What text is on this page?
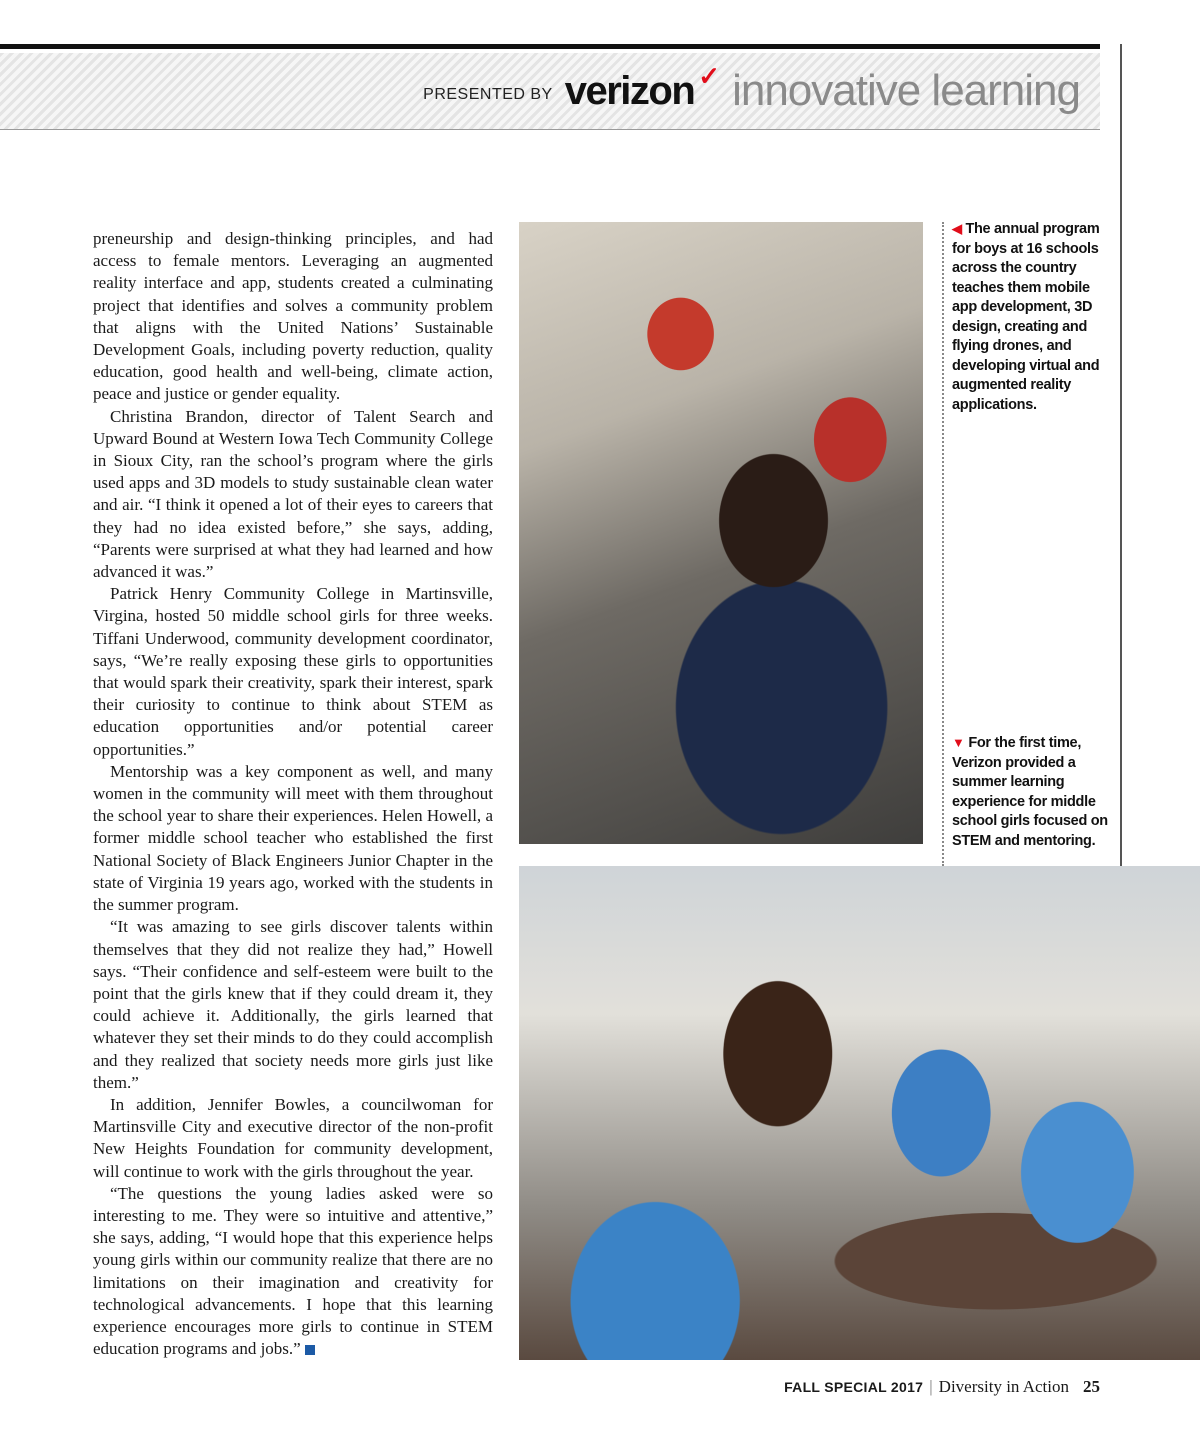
PRESENTED BY verizon ✓ innovative learning

preneurship and design-thinking principles, and had access to female mentors. Leveraging an augmented reality interface and app, students created a culminating project that identifies and solves a community problem that aligns with the United Nations’ Sustainable Development Goals, including poverty reduction, quality education, good health and well-being, climate action, peace and justice or gender equality.

Christina Brandon, director of Talent Search and Upward Bound at Western Iowa Tech Community College in Sioux City, ran the school’s program where the girls used apps and 3D models to study sustainable clean water and air. “I think it opened a lot of their eyes to careers that they had no idea existed before,” she says, adding, “Parents were surprised at what they had learned and how advanced it was.”

Patrick Henry Community College in Martinsville, Virgina, hosted 50 middle school girls for three weeks. Tiffani Underwood, community development coordinator, says, “We’re really exposing these girls to opportunities that would spark their creativity, spark their interest, spark their curiosity to continue to think about STEM as education opportunities and/or potential career opportunities.”

Mentorship was a key component as well, and many women in the community will meet with them throughout the school year to share their experiences. Helen Howell, a former middle school teacher who established the first National Society of Black Engineers Junior Chapter in the state of Virginia 19 years ago, worked with the students in the summer program.

“It was amazing to see girls discover talents within themselves that they did not realize they had,” Howell says. “Their confidence and self-esteem were built to the point that the girls knew that if they could dream it, they could achieve it. Additionally, the girls learned that whatever they set their minds to do they could accomplish and they realized that society needs more girls just like them.”

In addition, Jennifer Bowles, a councilwoman for Martinsville City and executive director of the non-profit New Heights Foundation for community development, will continue to work with the girls throughout the year.

“The questions the young ladies asked were so interesting to me. They were so intuitive and attentive,” she says, adding, “I would hope that this experience helps young girls within our community realize that there are no limitations on their imagination and creativity for technological advancements. I hope that this learning experience encourages more girls to continue in STEM education programs and jobs.”

◀ The annual program for boys at 16 schools across the country teaches them mobile app development, 3D design, creating and flying drones, and developing virtual and augmented reality applications.
▼ For the first time, Verizon provided a summer learning experience for middle school girls focused on STEM and mentoring.
FALL SPECIAL 2017 | Diversity in Action 25
